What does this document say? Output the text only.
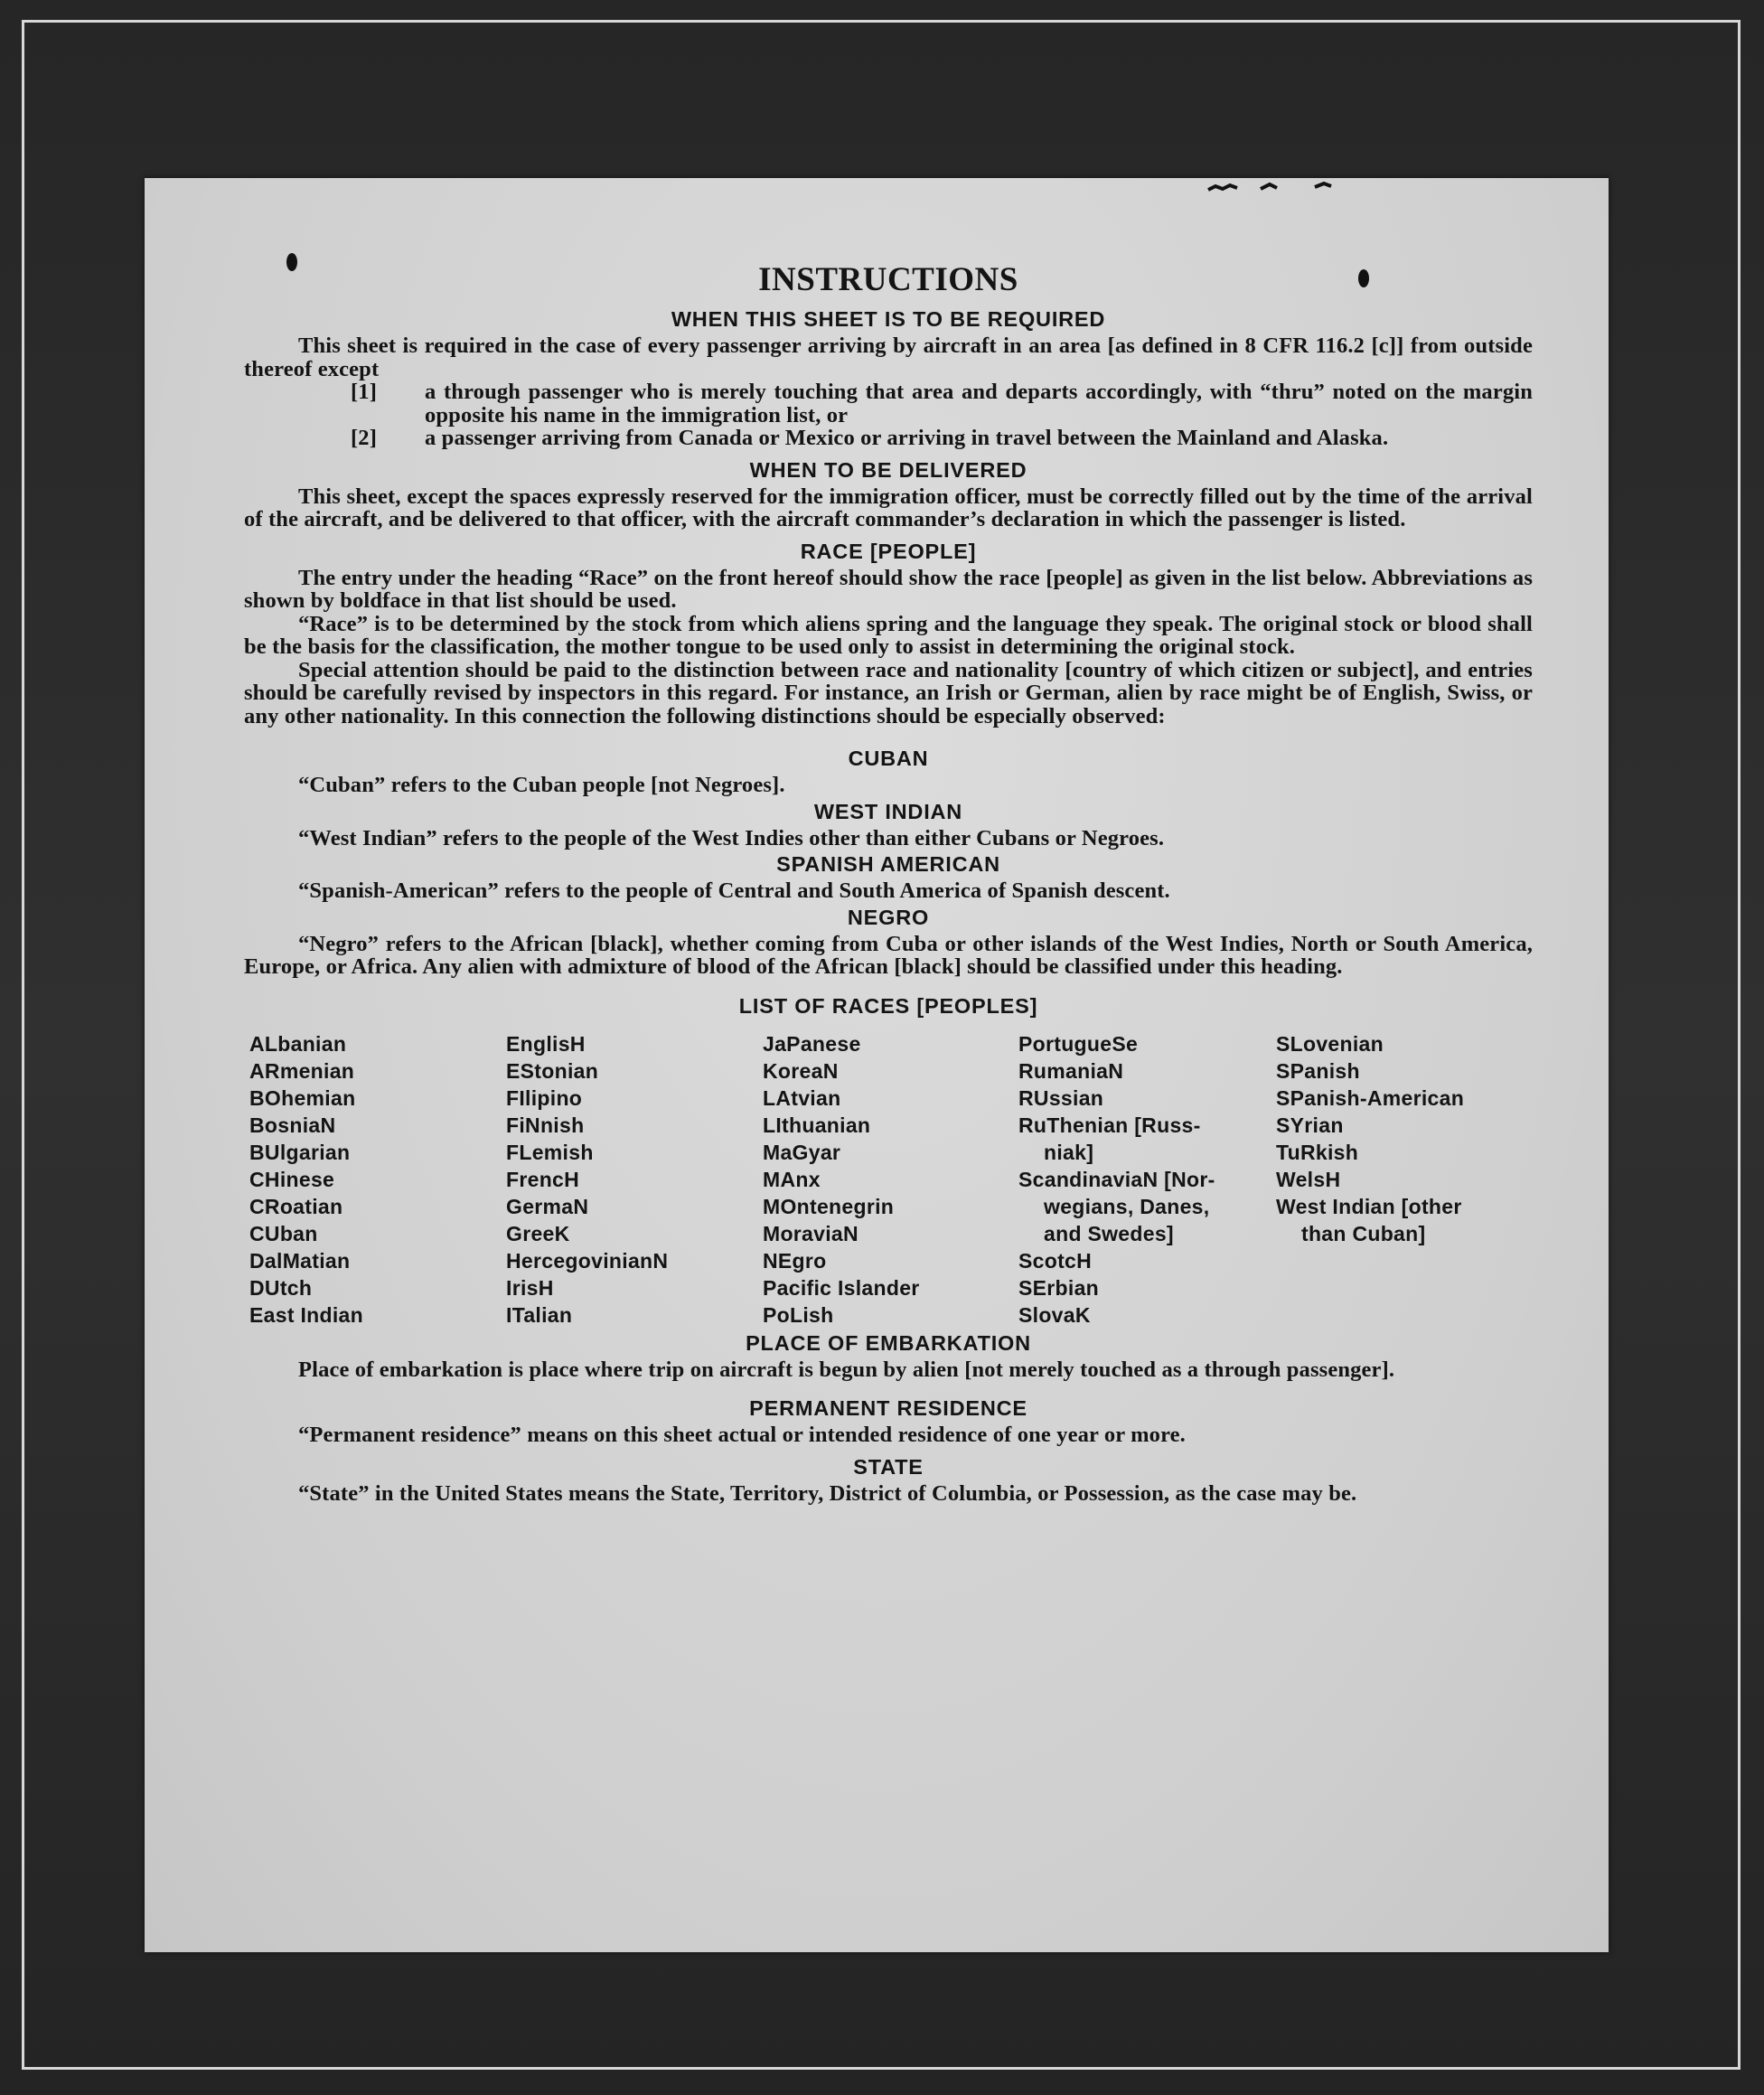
INSTRUCTIONS
WHEN THIS SHEET IS TO BE REQUIRED

This sheet is required in the case of every passenger arriving by aircraft in an area [as defined in 8 CFR 116.2 [c]] from outside thereof except

[1] a through passenger who is merely touching that area and departs accordingly, with “thru” noted on the margin opposite his name in the immigration list, or

[2] a passenger arriving from Canada or Mexico or arriving in travel between the Mainland and Alaska.

WHEN TO BE DELIVERED

This sheet, except the spaces expressly reserved for the immigration officer, must be correctly filled out by the time of the arrival of the aircraft, and be delivered to that officer, with the aircraft commander’s declaration in which the passenger is listed.

RACE [PEOPLE]

The entry under the heading “Race” on the front hereof should show the race [people] as given in the list below. Abbreviations as shown by boldface in that list should be used.

“Race” is to be determined by the stock from which aliens spring and the language they speak. The original stock or blood shall be the basis for the classification, the mother tongue to be used only to assist in determining the original stock.

Special attention should be paid to the distinction between race and nationality [country of which citizen or subject], and entries should be carefully revised by inspectors in this regard. For instance, an Irish or German, alien by race might be of English, Swiss, or any other nationality. In this connection the following distinctions should be especially observed:

CUBAN

“Cuban” refers to the Cuban people [not Negroes].

WEST INDIAN

“West Indian” refers to the people of the West Indies other than either Cubans or Negroes.

SPANISH AMERICAN

“Spanish-American” refers to the people of Central and South America of Spanish descent.

NEGRO

“Negro” refers to the African [black], whether coming from Cuba or other islands of the West Indies, North or South America, Europe, or Africa. Any alien with admixture of blood of the African [black] should be classified under this heading.

LIST OF RACES [PEOPLES]
ALbanian
ARmenian
BOhemian
BosniaN
BUlgarian
CHinese
CRoatian
CUban
DalMatian
DUtch
East Indian
EnglisH
EStonian
FIlipino
FiNnish
FLemish
FrencH
GermaN
GreeK
HercegovinianN
IrisH
ITalian
JaPanese
KoreaN
LAtvian
LIthuanian
MaGyar
MAnx
MOntenegrin
MoraviaN
NEgro
Pacific Islander
PoLish
PortugueSe
RumaniaN
RUssian
RuThenian [Russ-
niak]
ScandinaviaN [Nor-
wegians, Danes,
and Swedes]
ScotcH
SErbian
SlovaK
SLovenian
SPanish
SPanish-American
SYrian
TuRkish
WelsH
West Indian [other
than Cuban]
PLACE OF EMBARKATION

Place of embarkation is place where trip on aircraft is begun by alien [not merely touched as a through passenger].

PERMANENT RESIDENCE

“Permanent residence” means on this sheet actual or intended residence of one year or more.

STATE

“State” in the United States means the State, Territory, District of Columbia, or Possession, as the case may be.
